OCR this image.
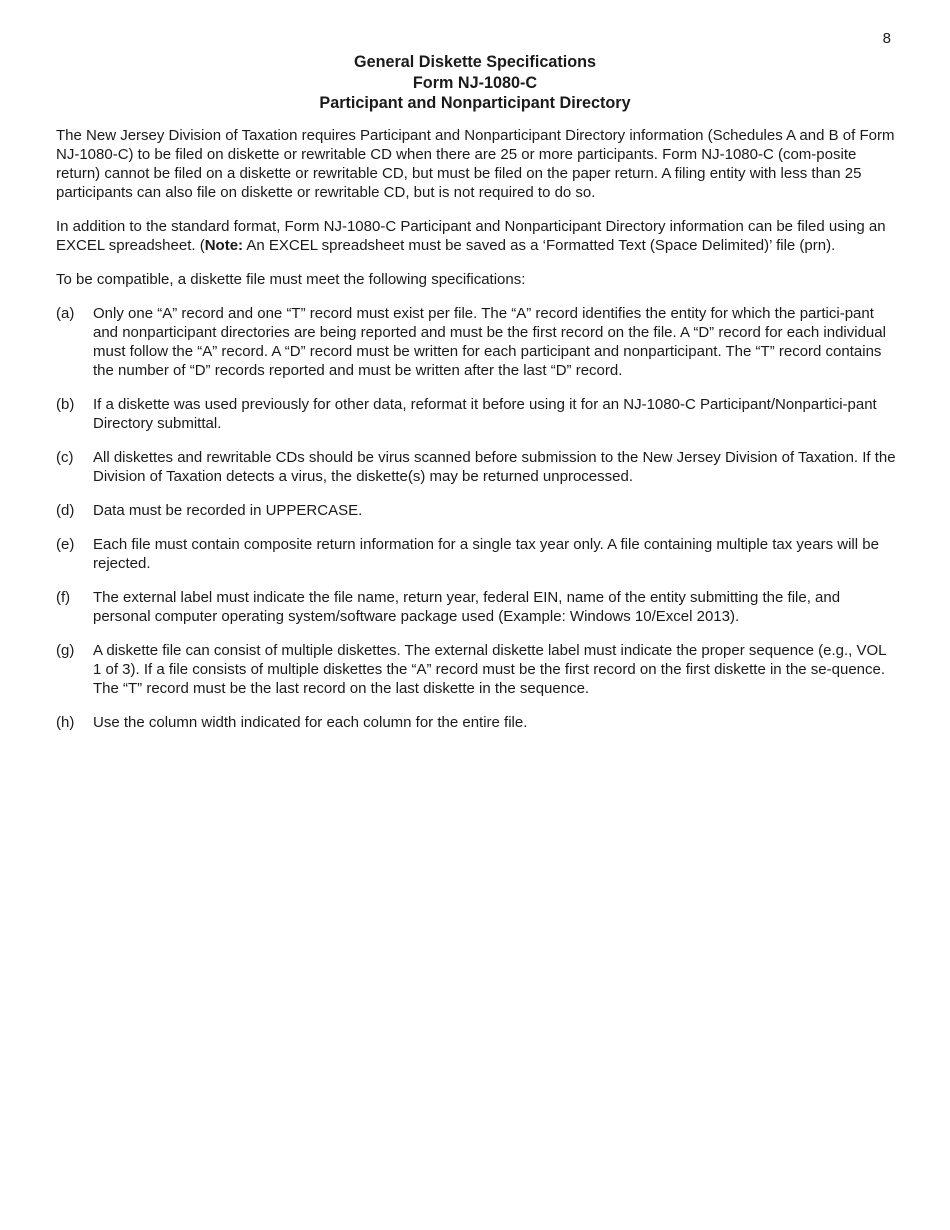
8
General Diskette Specifications
Form NJ-1080-C
Participant and Nonparticipant Directory

The New Jersey Division of Taxation requires Participant and Nonparticipant Directory information (Schedules A and B of Form NJ-1080-C) to be filed on diskette or rewritable CD when there are 25 or more participants. Form NJ-1080-C (com-posite return) cannot be filed on a diskette or rewritable CD, but must be filed on the paper return. A filing entity with less than 25 participants can also file on diskette or rewritable CD, but is not required to do so.

In addition to the standard format, Form NJ-1080-C Participant and Nonparticipant Directory information can be filed using an EXCEL spreadsheet. (Note: An EXCEL spreadsheet must be saved as a ‘Formatted Text (Space Delimited)’ file (prn).

To be compatible, a diskette file must meet the following specifications:

(a)	Only one “A” record and one “T” record must exist per file. The “A” record identifies the entity for which the partici-pant and nonparticipant directories are being reported and must be the first record on the file. A “D” record for each individual must follow the “A” record. A “D” record must be written for each participant and nonparticipant. The “T” record contains the number of “D” records reported and must be written after the last “D” record.
(b)	If a diskette was used previously for other data, reformat it before using it for an NJ-1080-C Participant/Nonpartici-pant Directory submittal.
(c)	All diskettes and rewritable CDs should be virus scanned before submission to the New Jersey Division of Taxation. If the Division of Taxation detects a virus, the diskette(s) may be returned unprocessed.
(d)	Data must be recorded in UPPERCASE.
(e)	Each file must contain composite return information for a single tax year only. A file containing multiple tax years will be rejected.
(f)	The external label must indicate the file name, return year, federal EIN, name of the entity submitting the file, and personal computer operating system/software package used (Example: Windows 10/Excel 2013).
(g)	A diskette file can consist of multiple diskettes. The external diskette label must indicate the proper sequence (e.g., VOL 1 of 3). If a file consists of multiple diskettes the “A” record must be the first record on the first diskette in the se-quence. The “T” record must be the last record on the last diskette in the sequence.
(h)	Use the column width indicated for each column for the entire file.
